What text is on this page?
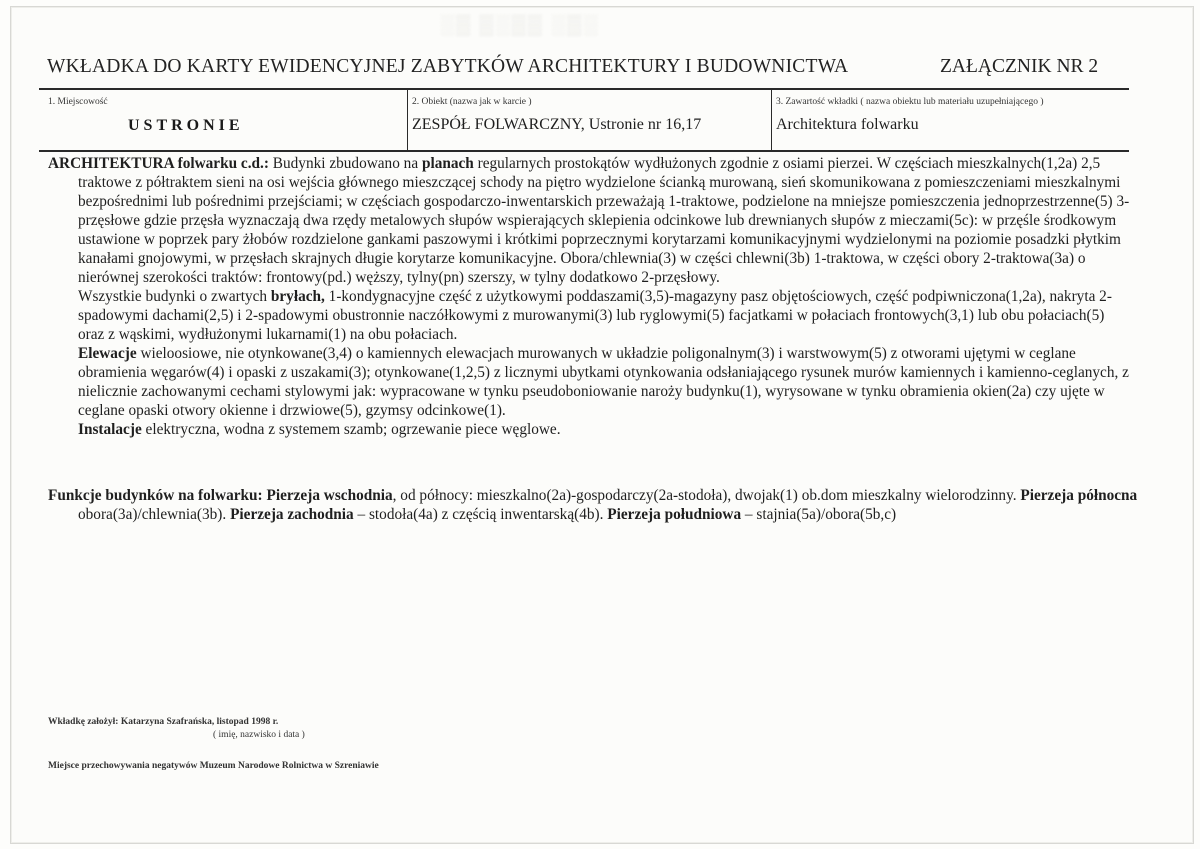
░▒ ▒░▒▒ ░▒░
WKŁADKA DO KARTY EWIDENCYJNEJ ZABYTKÓW ARCHITEKTURY I BUDOWNICTWA	ZAŁĄCZNIK NR 2
1. Miejscowość
USTRONIE
2. Obiekt (nazwa jak w karcie )
ZESPÓŁ FOLWARCZNY, Ustronie nr 16,17
3. Zawartość wkładki ( nazwa obiektu lub materiału uzupełniającego )
Architektura folwarku

ARCHITEKTURA folwarku c.d.: Budynki zbudowano na planach regularnych prostokątów wydłużonych zgodnie z osiami pierzei. W częściach mieszkalnych(1,2a) 2,5 traktowe z półtraktem sieni na osi wejścia głównego mieszczącej schody na piętro wydzielone ścianką murowaną, sień skomunikowana z pomieszczeniami mieszkalnymi bezpośrednimi lub pośrednimi przejściami; w częściach gospodarczo-inwentarskich przeważają 1-traktowe, podzielone na mniejsze pomieszczenia jednoprzestrzenne(5) 3-przęsłowe gdzie przęsła wyznaczają dwa rzędy metalowych słupów wspierających sklepienia odcinkowe lub drewnianych słupów z mieczami(5c): w przęśle środkowym ustawione w poprzek pary żłobów rozdzielone gankami paszowymi i krótkimi poprzecznymi korytarzami komunikacyjnymi wydzielonymi na poziomie posadzki płytkim kanałami gnojowymi, w przęsłach skrajnych długie korytarze komunikacyjne. Obora/chlewnia(3) w części chlewni(3b) 1-traktowa, w części obory 2-traktowa(3a) o nierównej szerokości traktów: frontowy(pd.) węższy, tylny(pn) szerszy, w tylny dodatkowo 2-przęsłowy.

Wszystkie budynki o zwartych bryłach, 1-kondygnacyjne część z użytkowymi poddaszami(3,5)-magazyny pasz objętościowych, część podpiwniczona(1,2a), nakryta 2-spadowymi dachami(2,5) i 2-spadowymi obustronnie naczółkowymi z murowanymi(3) lub ryglowymi(5) facjatkami w połaciach frontowych(3,1) lub obu połaciach(5) oraz z wąskimi, wydłużonymi lukarnami(1) na obu połaciach.

Elewacje wieloosiowe, nie otynkowane(3,4) o kamiennych elewacjach murowanych w układzie poligonalnym(3) i warstwowym(5) z otworami ujętymi w ceglane obramienia węgarów(4) i opaski z uszakami(3); otynkowane(1,2,5) z licznymi ubytkami otynkowania odsłaniającego rysunek murów kamiennych i kamienno-ceglanych, z nielicznie zachowanymi cechami stylowymi jak: wypracowane w tynku pseudoboniowanie naroży budynku(1), wyrysowane w tynku obramienia okien(2a) czy ujęte w ceglane opaski otwory okienne i drzwiowe(5), gzymsy odcinkowe(1).

Instalacje elektryczna, wodna z systemem szamb; ogrzewanie piece węglowe.

Funkcje budynków na folwarku: Pierzeja wschodnia, od północy: mieszkalno(2a)-gospodarczy(2a-stodoła), dwojak(1) ob.dom mieszkalny wielorodzinny. Pierzeja północna obora(3a)/chlewnia(3b). Pierzeja zachodnia – stodoła(4a) z częścią inwentarską(4b). Pierzeja południowa – stajnia(5a)/obora(5b,c)
Wkładkę założył: Katarzyna Szafrańska, listopad 1998 r.
( imię, nazwisko i data )
Miejsce przechowywania negatywów Muzeum Narodowe Rolnictwa w Szreniawie
